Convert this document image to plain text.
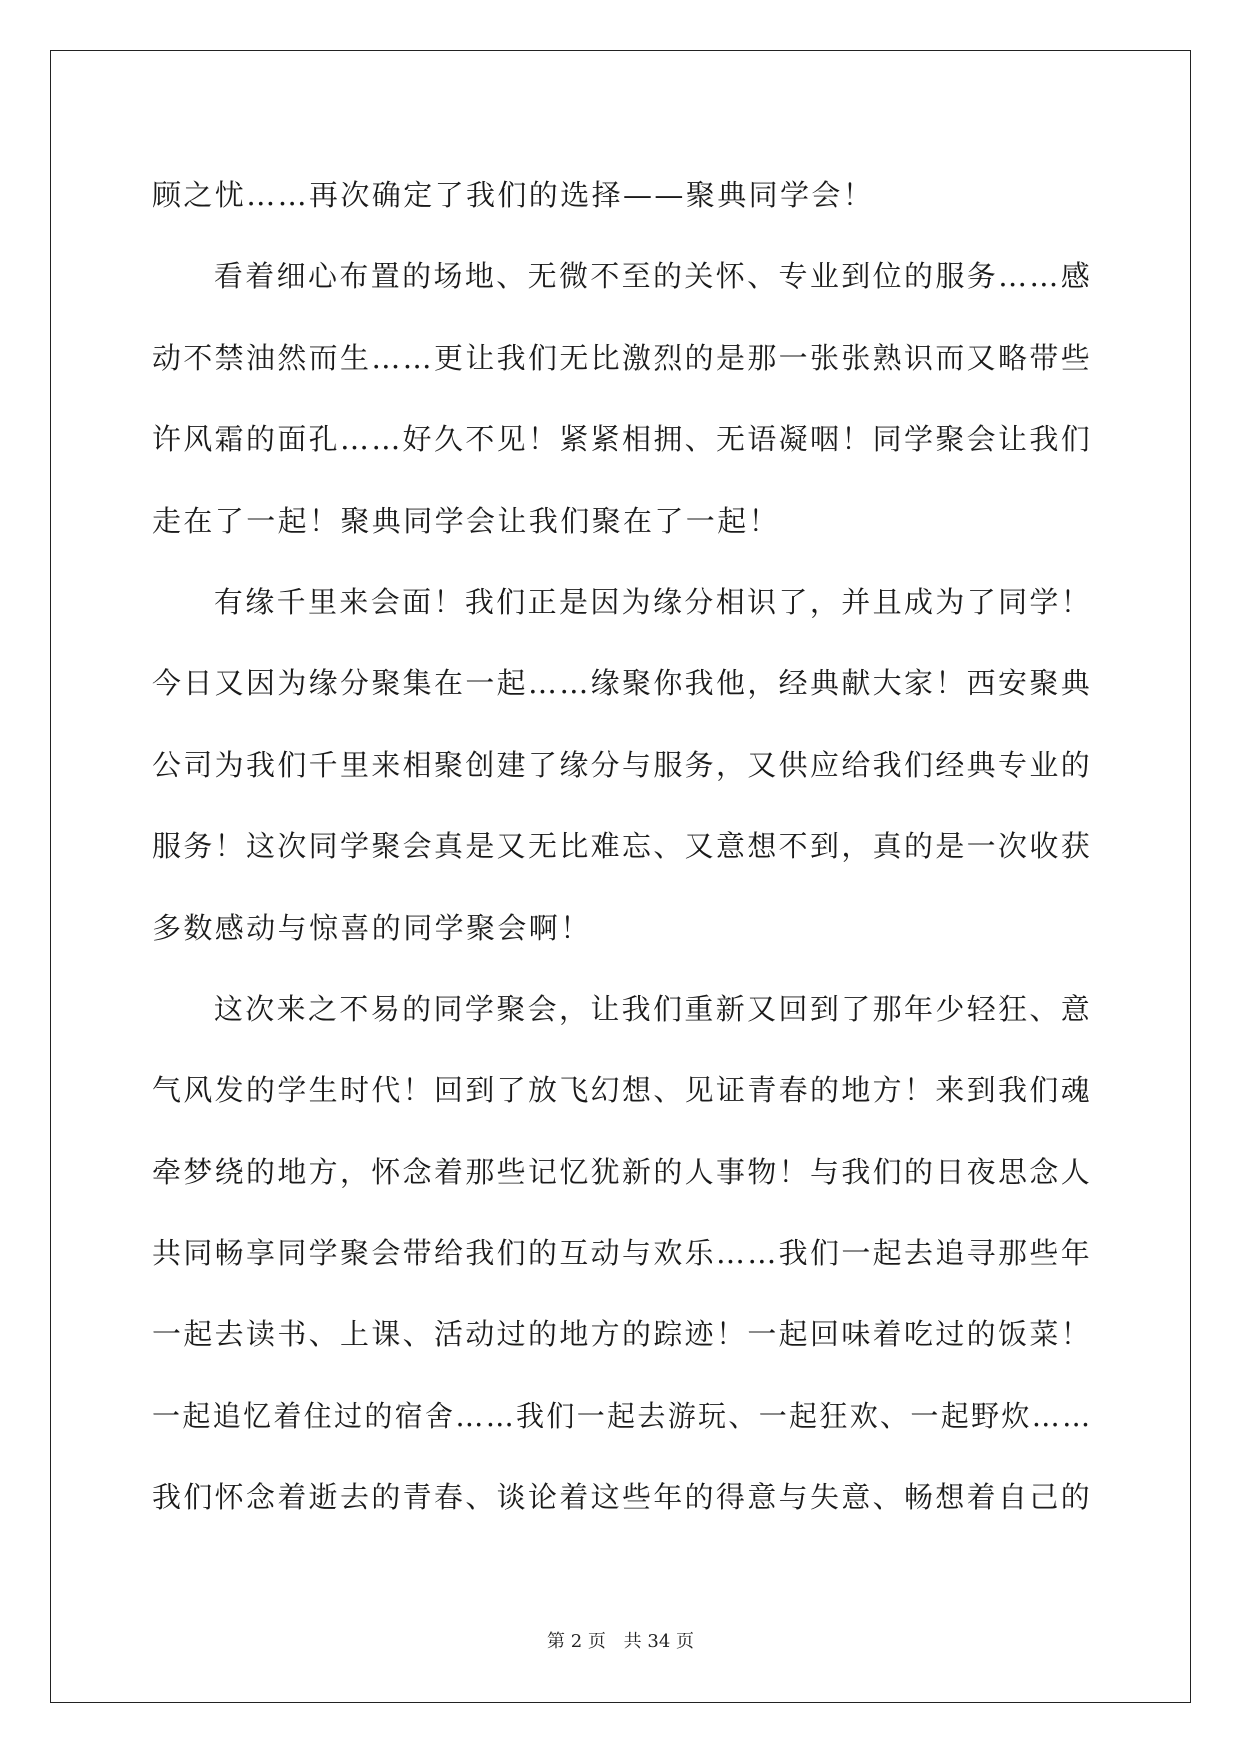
顾之忧……再次确定了我们的选择——聚典同学会！
看着细心布置的场地、无微不至的关怀、专业到位的服务……感
动不禁油然而生……更让我们无比激烈的是那一张张熟识而又略带些
许风霜的面孔……好久不见！紧紧相拥、无语凝咽！同学聚会让我们
走在了一起！聚典同学会让我们聚在了一起！
有缘千里来会面！我们正是因为缘分相识了，并且成为了同学！
今日又因为缘分聚集在一起……缘聚你我他，经典献大家！西安聚典
公司为我们千里来相聚创建了缘分与服务，又供应给我们经典专业的
服务！这次同学聚会真是又无比难忘、又意想不到，真的是一次收获
多数感动与惊喜的同学聚会啊！
这次来之不易的同学聚会，让我们重新又回到了那年少轻狂、意
气风发的学生时代！回到了放飞幻想、见证青春的地方！来到我们魂
牵梦绕的地方，怀念着那些记忆犹新的人事物！与我们的日夜思念人
共同畅享同学聚会带给我们的互动与欢乐……我们一起去追寻那些年
一起去读书、上课、活动过的地方的踪迹！一起回味着吃过的饭菜！
一起追忆着住过的宿舍……我们一起去游玩、一起狂欢、一起野炊……
我们怀念着逝去的青春、谈论着这些年的得意与失意、畅想着自己的
第 2 页 共 34 页
